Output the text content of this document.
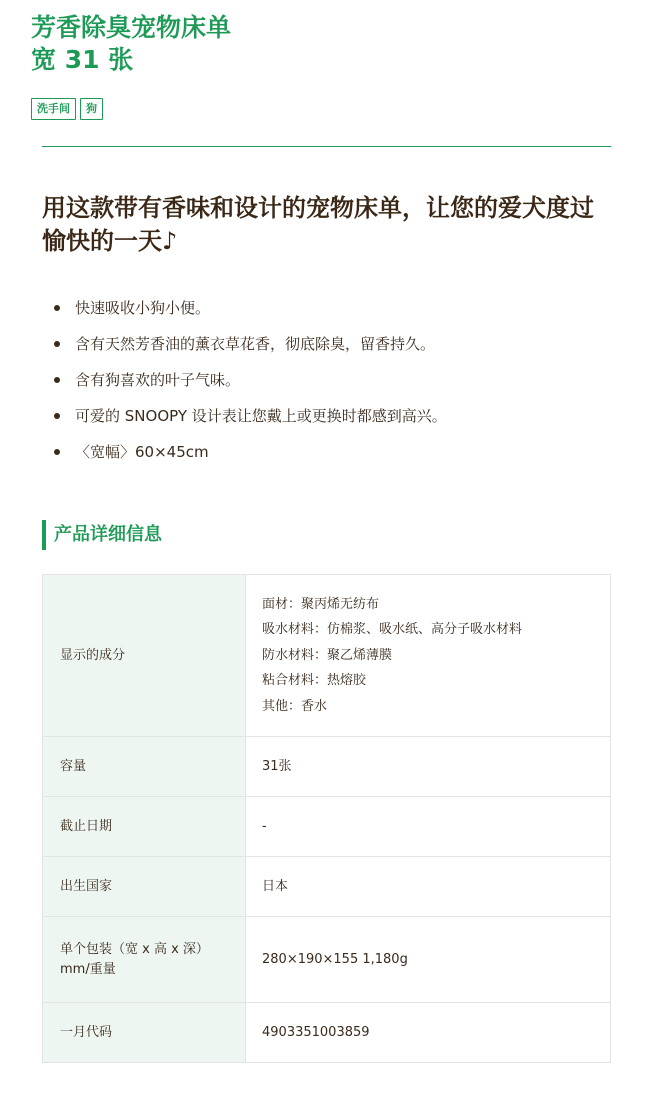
芳香除臭宠物床单
宽 31 张
洗手间	狗
用这款带有香味和设计的宠物床单，让您的爱犬度过愉快的一天♪
快速吸收小狗小便。
含有天然芳香油的薰衣草花香，彻底除臭，留香持久。
含有狗喜欢的叶子气味。
可爱的 SNOOPY 设计表让您戴上或更换时都感到高兴。
〈宽幅〉60×45cm
产品详细信息
显示的成分	面材：聚丙烯无纺布
吸水材料：仿棉浆、吸水纸、高分子吸水材料
防水材料：聚乙烯薄膜
粘合材料：热熔胶
其他：香水

容量	31张
截止日期	-
出生国家	日本
单个包装（宽 x 高 x 深）mm/重量	280×190×155 1,180g
一月代码	4903351003859
